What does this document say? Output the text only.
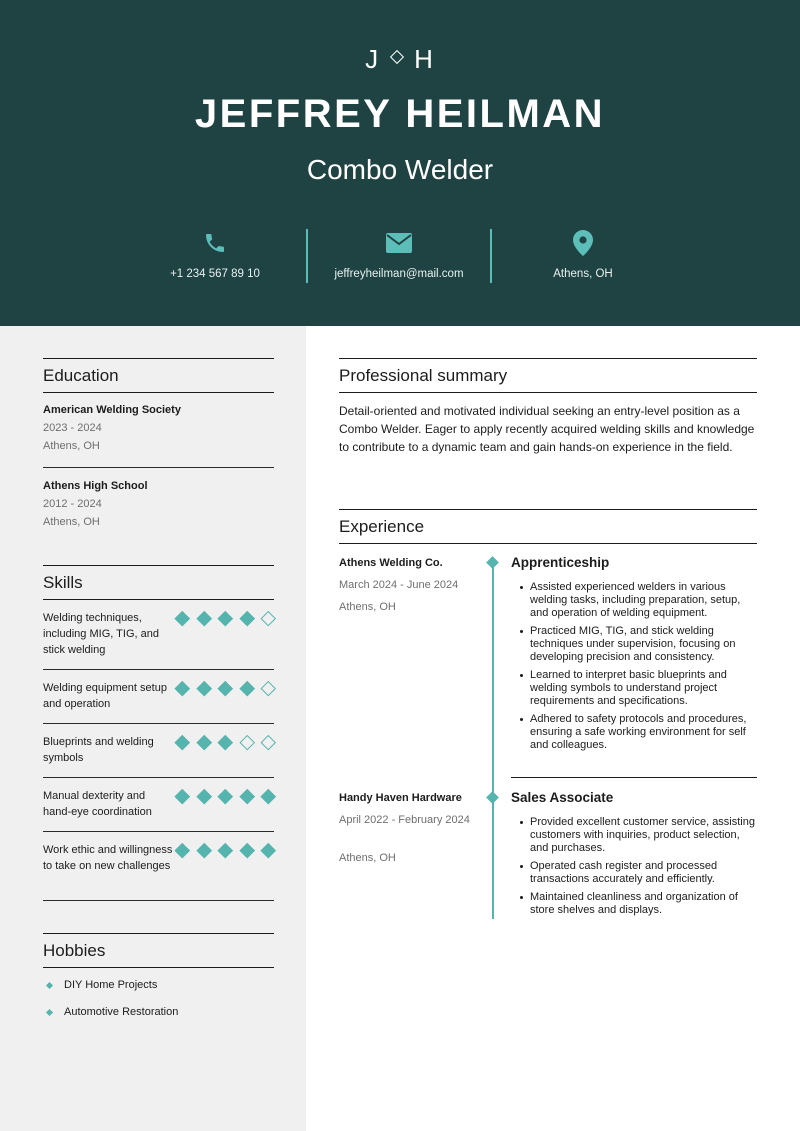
J H
JEFFREY HEILMAN
Combo Welder
+1 234 567 89 10	jeffreyheilman@mail.com	Athens, OH
Education
American Welding Society
2023 - 2024
Athens, OH
Athens High School
2012 - 2024
Athens, OH
Skills
Welding techniques, including MIG, TIG, and stick welding
Welding equipment setup and operation
Blueprints and welding symbols
Manual dexterity and hand-eye coordination
Work ethic and willingness to take on new challenges
Hobbies
DIY Home Projects
Automotive Restoration
Professional summary
Detail-oriented and motivated individual seeking an entry-level position as a Combo Welder. Eager to apply recently acquired welding skills and knowledge to contribute to a dynamic team and gain hands-on experience in the field.
Experience
Athens Welding Co.
March 2024 - June 2024
Athens, OH
Apprenticeship
Assisted experienced welders in various welding tasks, including preparation, setup, and operation of welding equipment.
Practiced MIG, TIG, and stick welding techniques under supervision, focusing on developing precision and consistency.
Learned to interpret basic blueprints and welding symbols to understand project requirements and specifications.
Adhered to safety protocols and procedures, ensuring a safe working environment for self and colleagues.
Handy Haven Hardware
April 2022 - February 2024
Athens, OH
Sales Associate
Provided excellent customer service, assisting customers with inquiries, product selection, and purchases.
Operated cash register and processed transactions accurately and efficiently.
Maintained cleanliness and organization of store shelves and displays.
